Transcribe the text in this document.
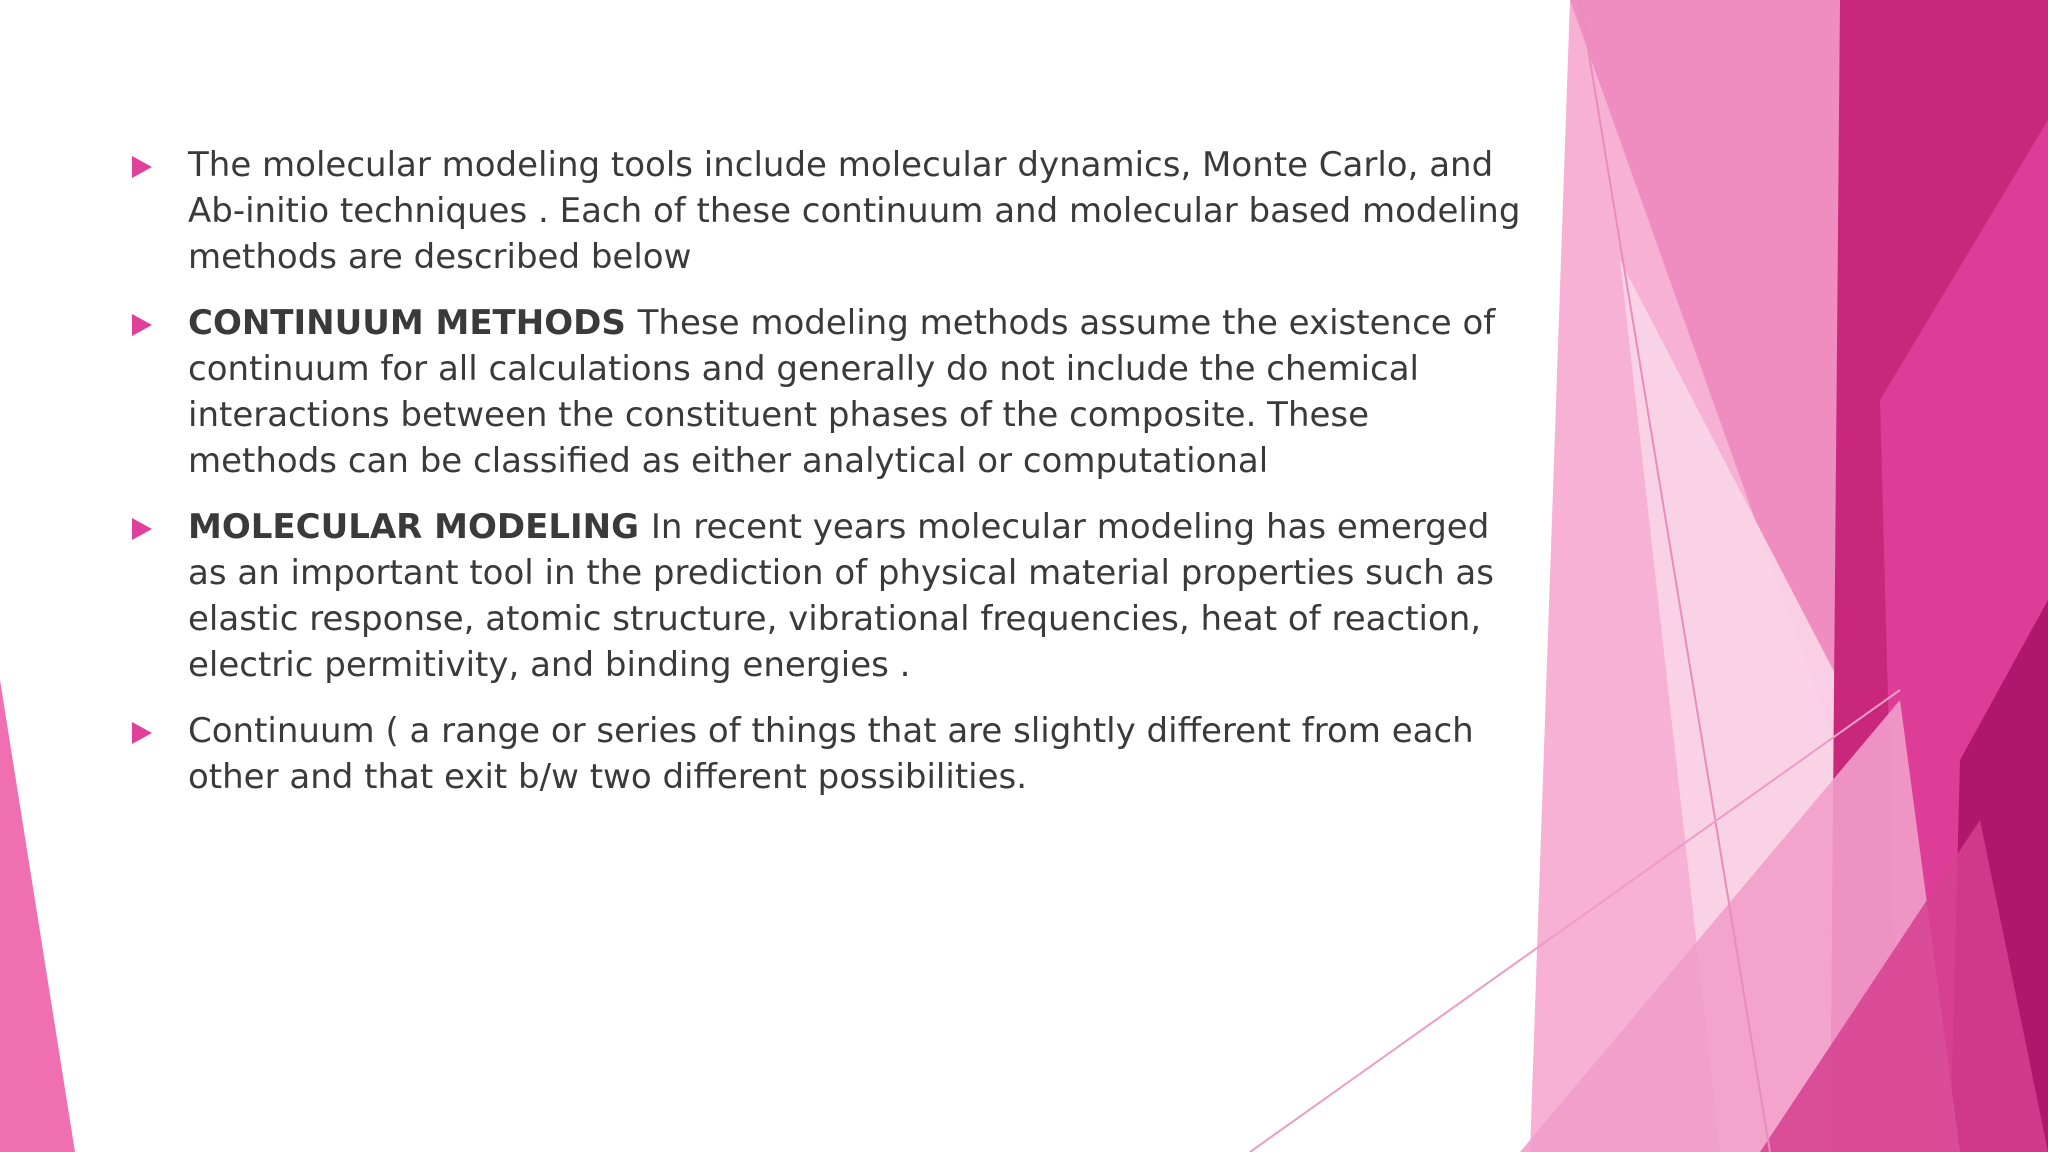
The molecular modeling tools include molecular dynamics, Monte Carlo, and Ab-initio techniques . Each of these continuum and molecular based modeling methods are described below
CONTINUUM METHODS These modeling methods assume the existence of continuum for all calculations and generally do not include the chemical interactions between the constituent phases of the composite. These methods can be classified as either analytical or computational
MOLECULAR MODELING In recent years molecular modeling has emerged as an important tool in the prediction of physical material properties such as elastic response, atomic structure, vibrational frequencies, heat of reaction, electric permitivity, and binding energies .
Continuum ( a range or series of things that are slightly different from each other and that exit b/w two different possibilities.
